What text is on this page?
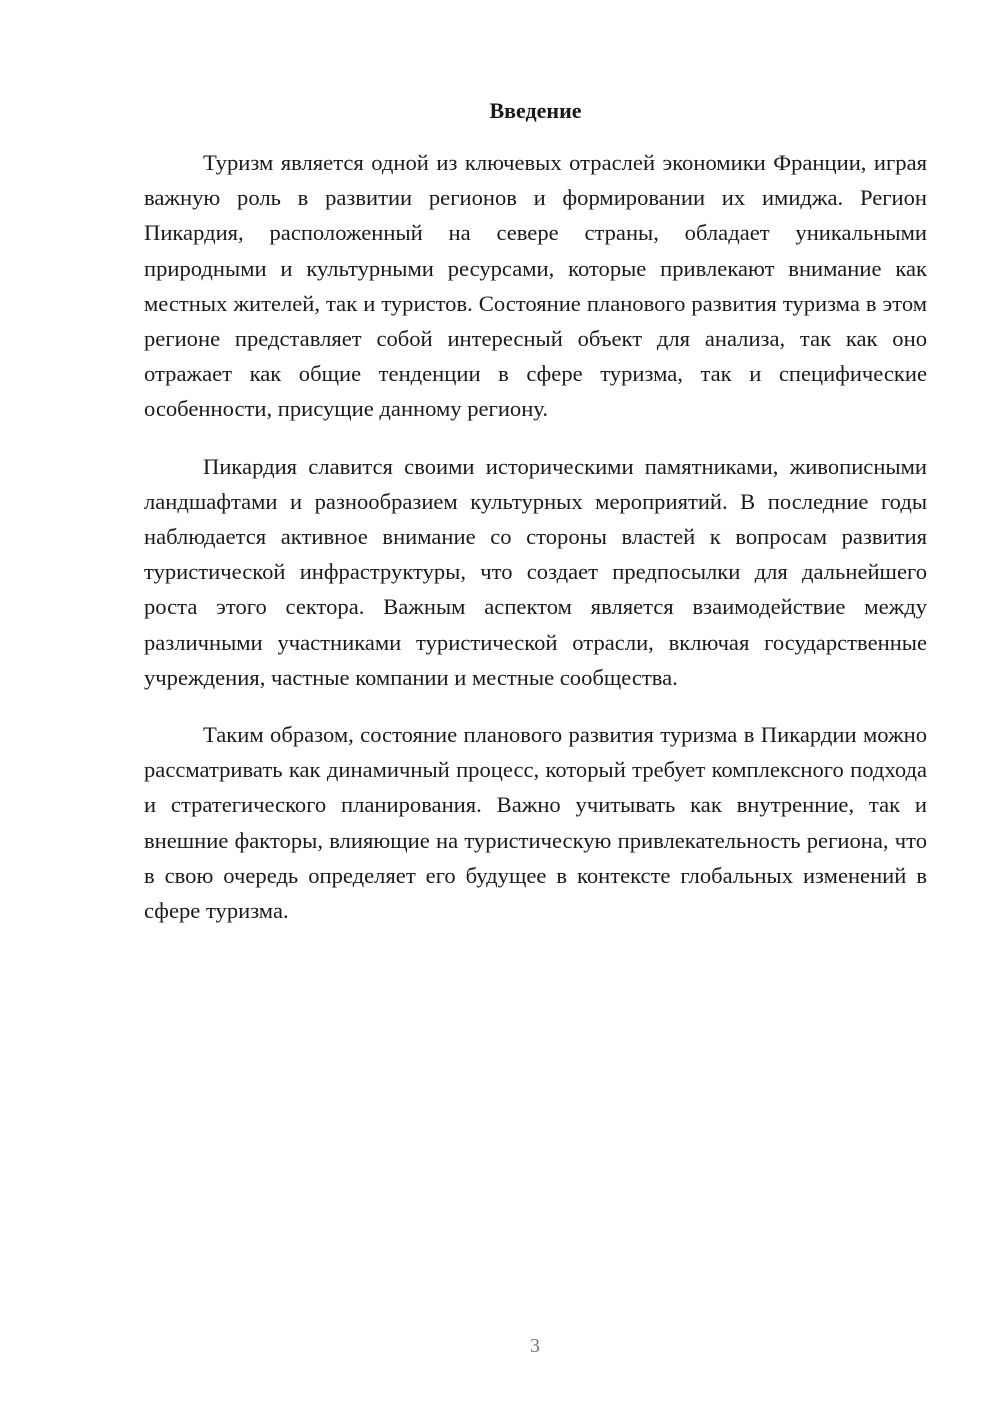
Введение

Туризм является одной из ключевых отраслей экономики Франции, играя важную роль в развитии регионов и формировании их имиджа. Регион Пикардия, расположенный на севере страны, обладает уникальными природными и культурными ресурсами, которые привлекают внимание как местных жителей, так и туристов. Состояние планового развития туризма в этом регионе представляет собой интересный объект для анализа, так как оно отражает как общие тенденции в сфере туризма, так и специфические особенности, присущие данному региону.

Пикардия славится своими историческими памятниками, живописными ландшафтами и разнообразием культурных мероприятий. В последние годы наблюдается активное внимание со стороны властей к вопросам развития туристической инфраструктуры, что создает предпосылки для дальнейшего роста этого сектора. Важным аспектом является взаимодействие между различными участниками туристической отрасли, включая государственные учреждения, частные компании и местные сообщества.

Таким образом, состояние планового развития туризма в Пикардии можно рассматривать как динамичный процесс, который требует комплексного подхода и стратегического планирования. Важно учитывать как внутренние, так и внешние факторы, влияющие на туристическую привлекательность региона, что в свою очередь определяет его будущее в контексте глобальных изменений в сфере туризма.

3
